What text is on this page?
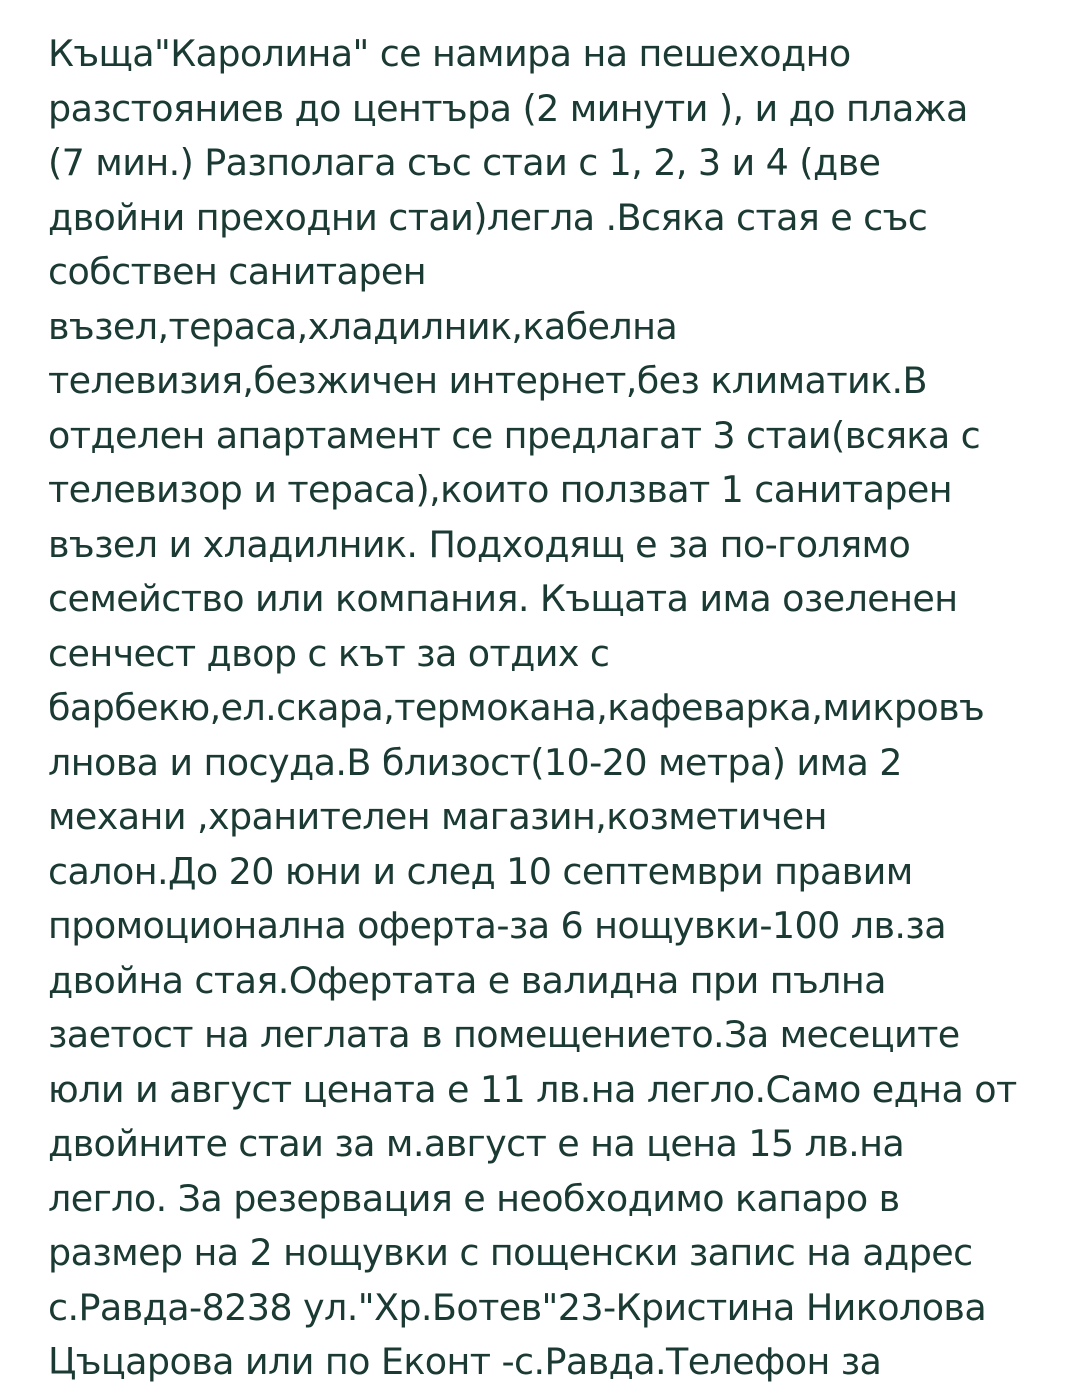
Къща"Каролина" се намира на пешеходно
разстояниев до центъра (2 минути ), и до плажа
(7 мин.) Разполага със стаи с 1, 2, 3 и 4 (две
двойни преходни стаи)легла .Всяка стая е със
собствен санитарен
възел,тераса,хладилник,кабелна
телевизия,безжичен интернет,без климатик.В
отделен апартамент се предлагат 3 стаи(всяка с
телевизор и тераса),които ползват 1 санитарен
възел и хладилник. Подходящ е за по-голямо
семейство или компания. Къщата има озеленен
сенчест двор с кът за отдих с
барбекю,ел.скара,термокана,кафеварка,микровъ
лнова и посуда.В близост(10-20 метра) има 2
механи ,хранителен магазин,козметичен
салон.До 20 юни и след 10 септември правим
промоционална оферта-за 6 нощувки-100 лв.за
двойна стая.Офертата е валидна при пълна
заетост на леглата в помещението.За месеците
юли и август цената е 11 лв.на легло.Само една от
двойните стаи за м.август е на цена 15 лв.на
легло. За резервация е необходимо капаро в
размер на 2 нощувки с пощенски запис на адрес
с.Равда-8238 ул."Хр.Ботев"23-Кристина Николова
Цъцарова или по Еконт -с.Равда.Телефон за
